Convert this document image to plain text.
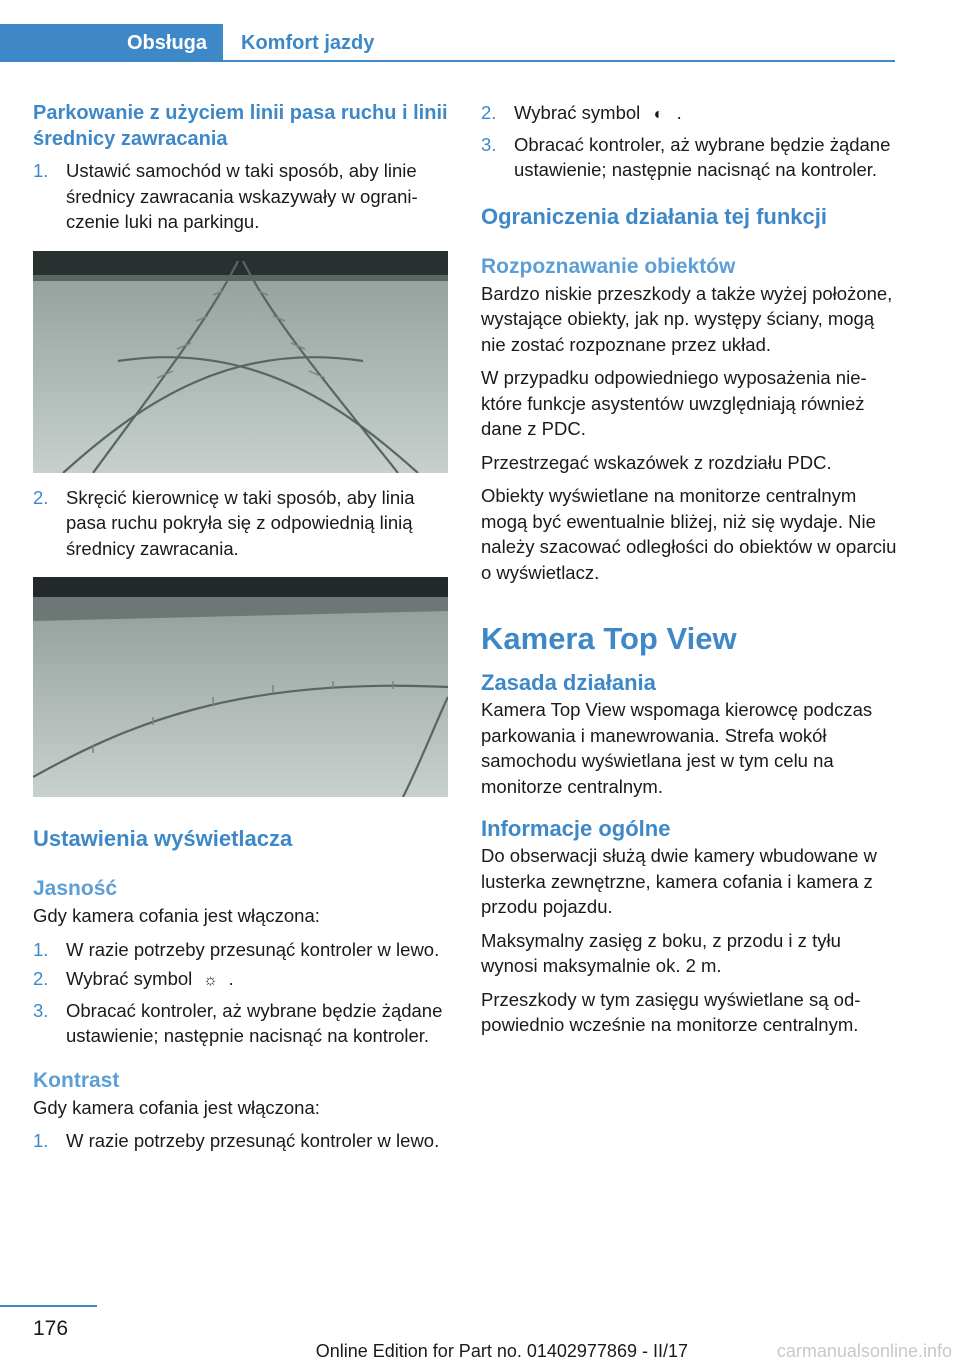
Obsługa	Komfort jazdy
Parkowanie z użyciem linii pasa ruchu i linii średnicy zawracania
1. Ustawić samochód w taki sposób, aby linie średnicy zawracania wskazywały w ograniczenie luki na parkingu.
2. Skręcić kierownicę w taki sposób, aby linia pasa ruchu pokryła się z odpowiednią linią średnicy zawracania.
Ustawienia wyświetlacza
Jasność

Gdy kamera cofania jest włączona:

1. W razie potrzeby przesunąć kontroler w lewo.
2. Wybrać symbol ☼ .
3. Obracać kontroler, aż wybrane będzie żądane ustawienie; następnie nacisnąć na kontroler.
Kontrast

Gdy kamera cofania jest włączona:

1. W razie potrzeby przesunąć kontroler w lewo.
2. Wybrać symbol ◐ .
3. Obracać kontroler, aż wybrane będzie żądane ustawienie; następnie nacisnąć na kontroler.
Ograniczenia działania tej funkcji
Rozpoznawanie obiektów

Bardzo niskie przeszkody a także wyżej położone, wystające obiekty, jak np. występy ściany, mogą nie zostać rozpoznane przez układ.

W przypadku odpowiedniego wyposażenia niektóre funkcje asystentów uwzględniają również dane z PDC.

Przestrzegać wskazówek z rozdziału PDC.

Obiekty wyświetlane na monitorze centralnym mogą być ewentualnie bliżej, niż się wydaje. Nie należy szacować odległości do obiektów w oparciu o wyświetlacz.

Kamera Top View
Zasada działania

Kamera Top View wspomaga kierowcę podczas parkowania i manewrowania. Strefa wokół samochodu wyświetlana jest w tym celu na monitorze centralnym.

Informacje ogólne

Do obserwacji służą dwie kamery wbudowane w lusterka zewnętrzne, kamera cofania i kamera z przodu pojazdu.

Maksymalny zasięg z boku, z przodu i z tyłu wynosi maksymalnie ok. 2 m.

Przeszkody w tym zasięgu wyświetlane są odpowiednio wcześnie na monitorze centralnym.

176
Online Edition for Part no. 01402977869 - II/17	carmanualsonline.info
